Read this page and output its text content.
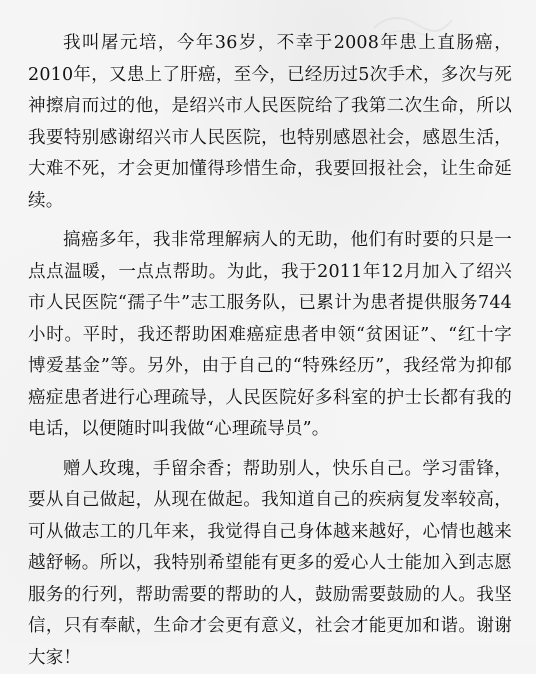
我叫屠元培，今年36岁，不幸于2008年患上直肠癌，2010年，又患上了肝癌，至今，已经历过5次手术，多次与死神擦肩而过的他，是绍兴市人民医院给了我第二次生命，所以我要特别感谢绍兴市人民医院，也特别感恩社会，感恩生活，大难不死，才会更加懂得珍惜生命，我要回报社会，让生命延续。

搞癌多年，我非常理解病人的无助，他们有时要的只是一点点温暖，一点点帮助。为此，我于2011年12月加入了绍兴市人民医院“孺子牛”志工服务队，已累计为患者提供服务744小时。平时，我还帮助困难癌症患者申领“贫困证”、“红十字博爱基金”等。另外，由于自己的“特殊经历”，我经常为抑郁癌症患者进行心理疏导，人民医院好多科室的护士长都有我的电话，以便随时叫我做“心理疏导员”。

赠人玫瑰，手留余香；帮助别人，快乐自己。学习雷锋，要从自己做起，从现在做起。我知道自己的疾病复发率较高，可从做志工的几年来，我觉得自己身体越来越好，心情也越来越舒畅。所以，我特别希望能有更多的爱心人士能加入到志愿服务的行列，帮助需要的帮助的人，鼓励需要鼓励的人。我坚信，只有奉献，生命才会更有意义，社会才能更加和谐。谢谢大家！
